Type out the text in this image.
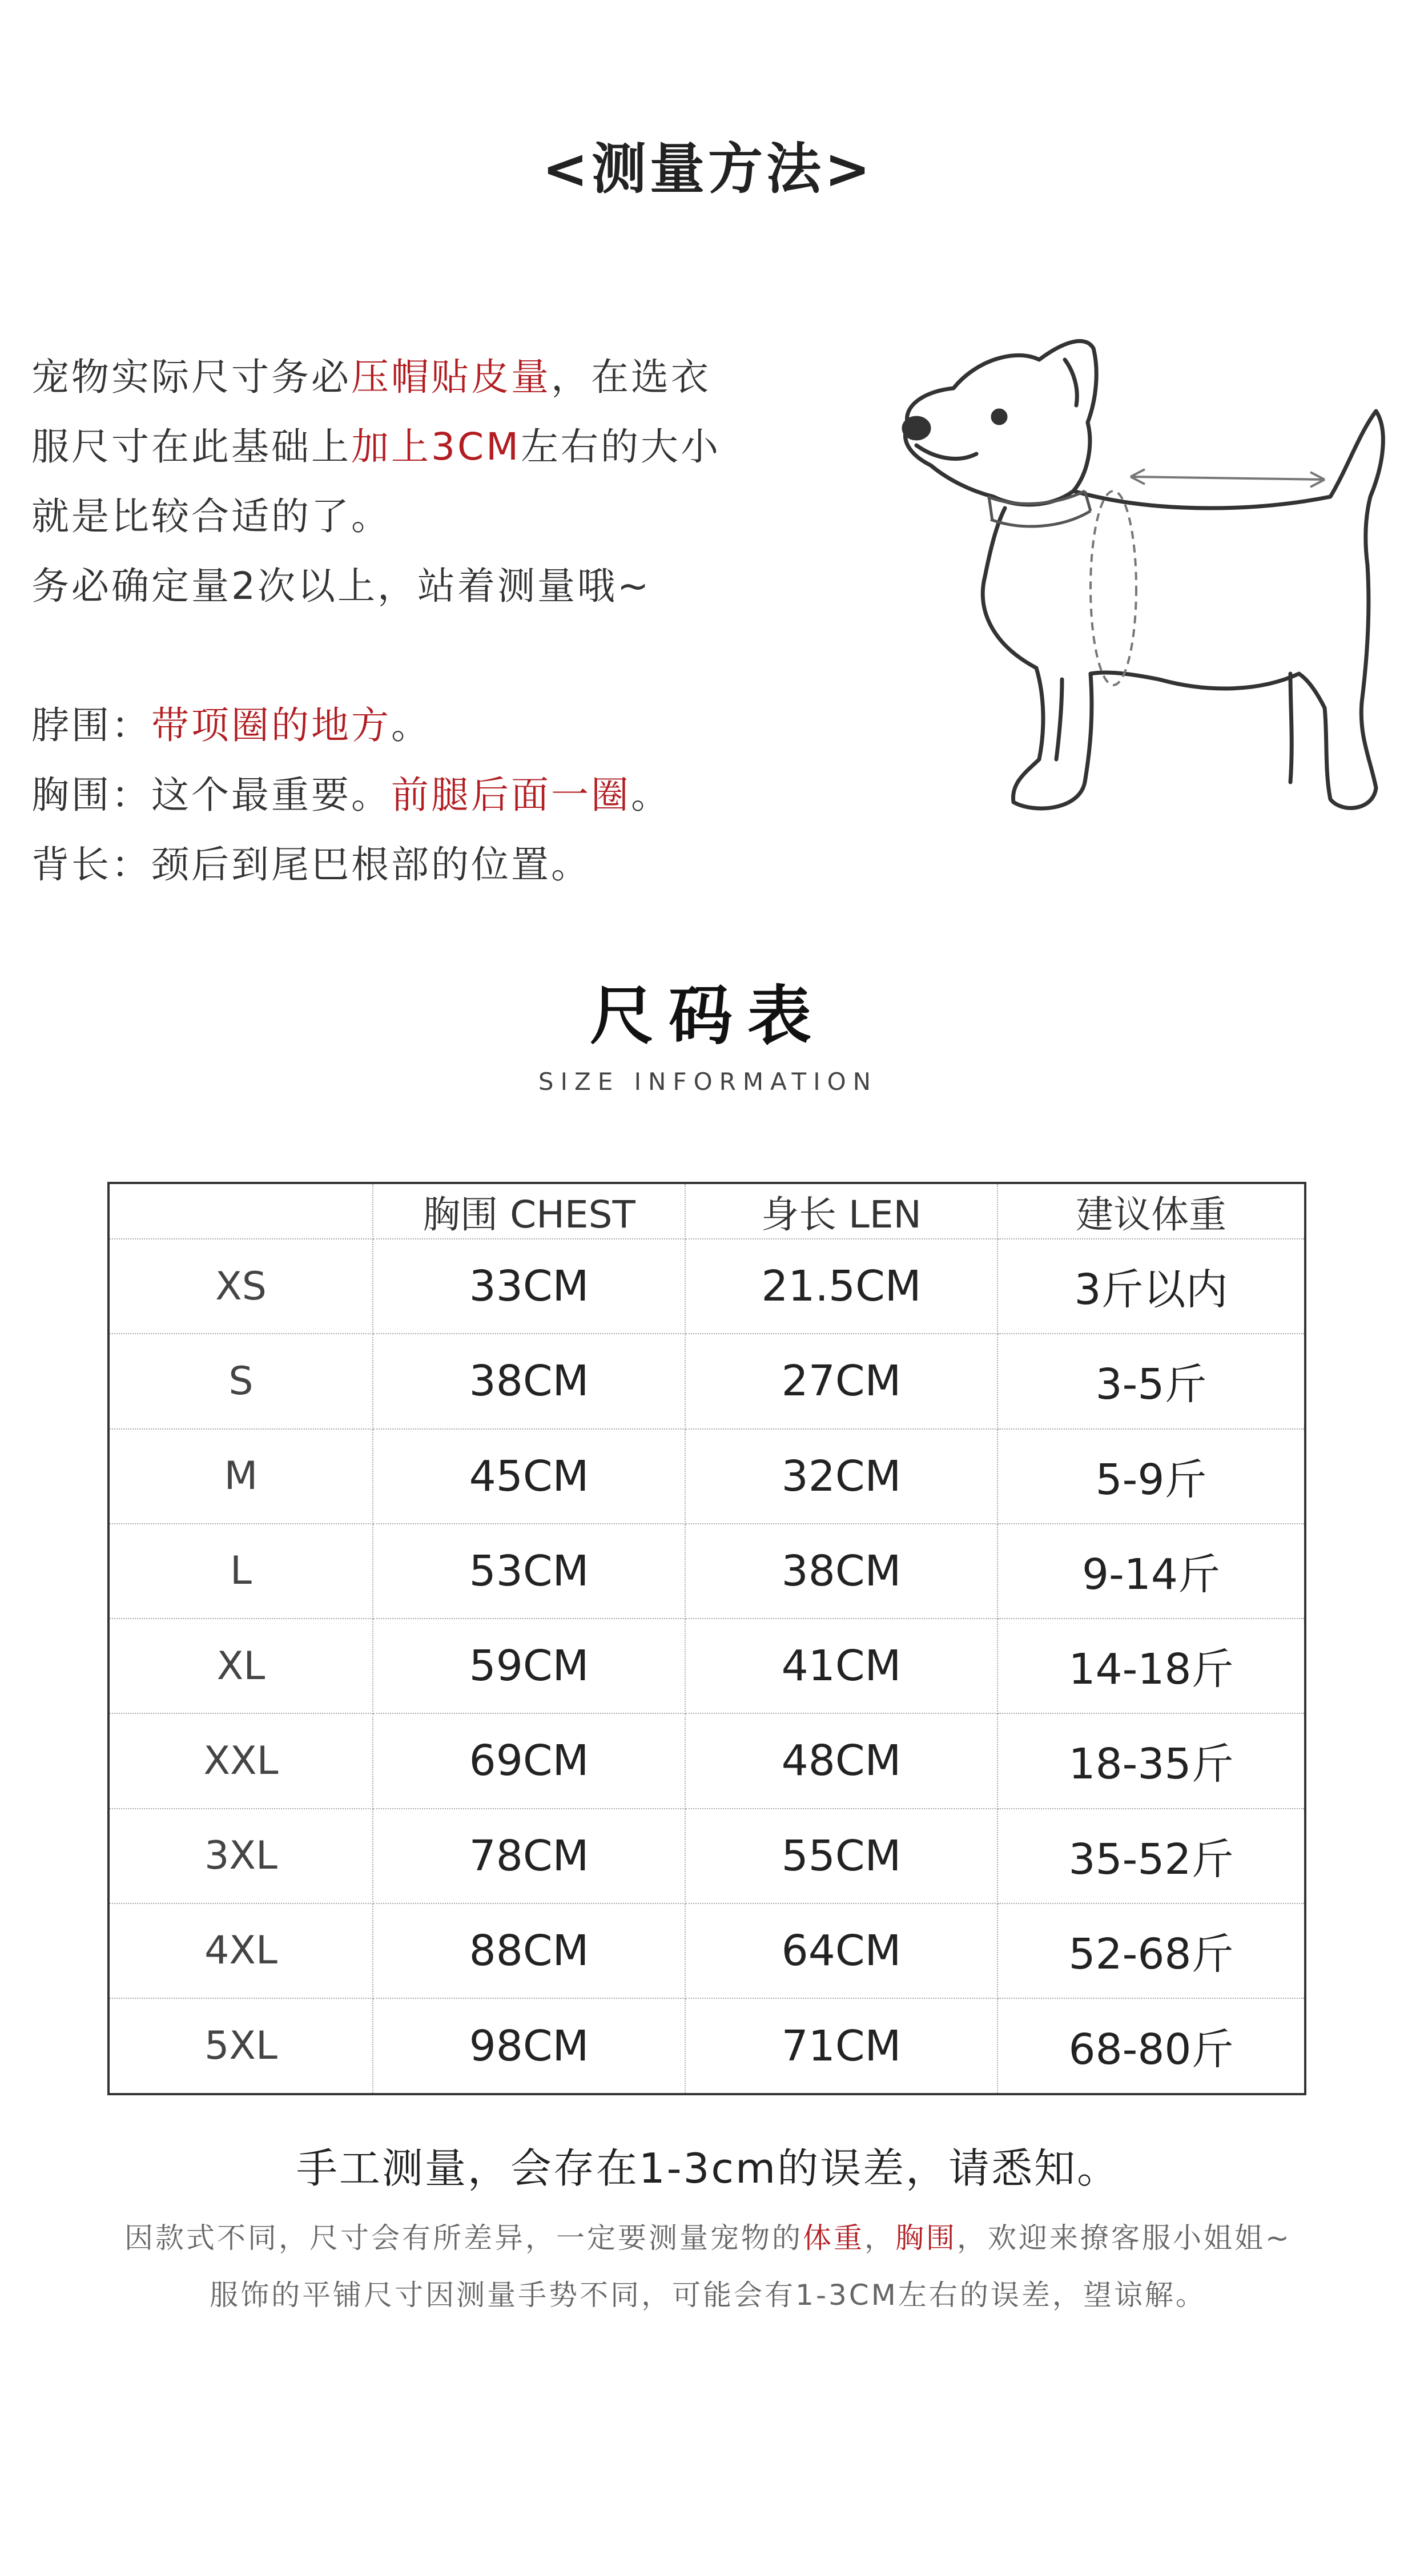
<测量方法>
宠物实际尺寸务必压帽贴皮量，在选衣
服尺寸在此基础上加上3CM左右的大小
就是比较合适的了。
务必确定量2次以上，站着测量哦~

脖围：带项圈的地方。
胸围：这个最重要。前腿后面一圈。
背长：颈后到尾巴根部的位置。
尺码表
SIZE INFORMATION
	胸围 CHEST	身长 LEN	建议体重
XS	33CM	21.5CM	3斤以内
S	38CM	27CM	3-5斤
M	45CM	32CM	5-9斤
L	53CM	38CM	9-14斤
XL	59CM	41CM	14-18斤
XXL	69CM	48CM	18-35斤
3XL	78CM	55CM	35-52斤
4XL	88CM	64CM	52-68斤
5XL	98CM	71CM	68-80斤
手工测量，会存在1-3cm的误差，请悉知。
因款式不同，尺寸会有所差异，一定要测量宠物的体重，胸围，欢迎来撩客服小姐姐~
服饰的平铺尺寸因测量手势不同，可能会有1-3CM左右的误差，望谅解。
